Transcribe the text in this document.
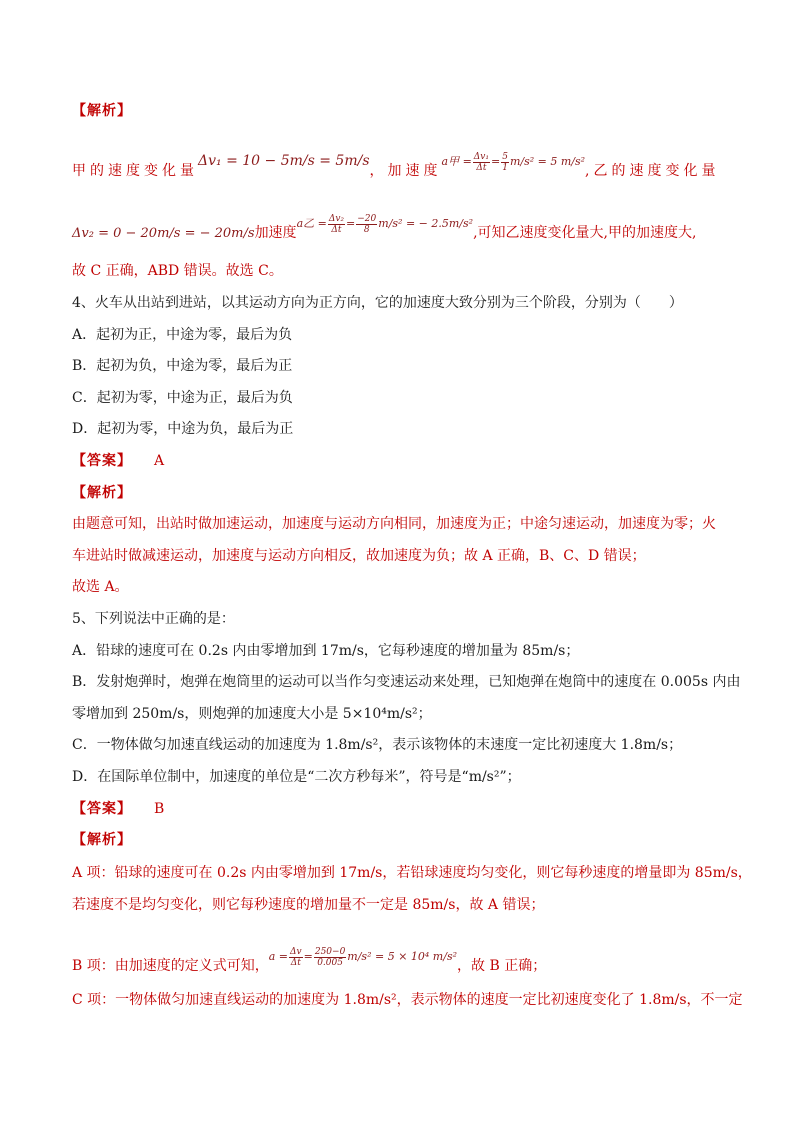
【解析】
甲的速度变化量Δv₁ = 10 − 5m/s = 5m/s，加速度$^{a甲 = \frac{\text{Δv₁}}{\Delta t} = \frac{5}{1} m/s^2 = 5 m/s^2}$,乙的速度变化量
Δv₂ = 0 − 20m/s = − 20m/s加速度$^{a乙 = \frac{\text{Δv₂}}{\Delta t} = \frac{-20}{8} m/s^2 = - 2.5m/s^2}$,可知乙速度变化量大,甲的加速度大,
故 C 正确，ABD 错误。故选 C。
4、火车从出站到进站，以其运动方向为正方向，它的加速度大致分别为三个阶段，分别为（　　）
A．起初为正，中途为零，最后为负
B．起初为负，中途为零，最后为正
C．起初为零，中途为正，最后为负
D．起初为零，中途为负，最后为正
【答案】 A
【解析】
由题意可知，出站时做加速运动，加速度与运动方向相同，加速度为正；中途匀速运动，加速度为零；火
车进站时做减速运动，加速度与运动方向相反，故加速度为负；故 A 正确，B、C、D 错误；
故选 A。
5、下列说法中正确的是：
A．铅球的速度可在 0.2s 内由零增加到 17m/s，它每秒速度的增加量为 85m/s；
B．发射炮弹时，炮弹在炮筒里的运动可以当作匀变速运动来处理，已知炮弹在炮筒中的速度在 0.005s 内由
零增加到 250m/s，则炮弹的加速度大小是 5×10⁴m/s²；
C．一物体做匀加速直线运动的加速度为 1.8m/s²，表示该物体的末速度一定比初速度大 1.8m/s；
D．在国际单位制中，加速度的单位是“二次方秒每米”，符号是“m/s²”；
【答案】 B
【解析】
A 项：铅球的速度可在 0.2s 内由零增加到 17m/s，若铅球速度均匀变化，则它每秒速度的增量即为 85m/s，
若速度不是均匀变化，则它每秒速度的增加量不一定是 85m/s，故 A 错误；
B 项：由加速度的定义式可知，$^{a = \frac{\Delta v}{\Delta t} = \frac{250-0}{0.005} m/s^2 = 5 \times 10^4 m/s^2}$，故 B 正确；
C 项：一物体做匀加速直线运动的加速度为 1.8m/s²，表示物体的速度一定比初速度变化了 1.8m/s，不一定
